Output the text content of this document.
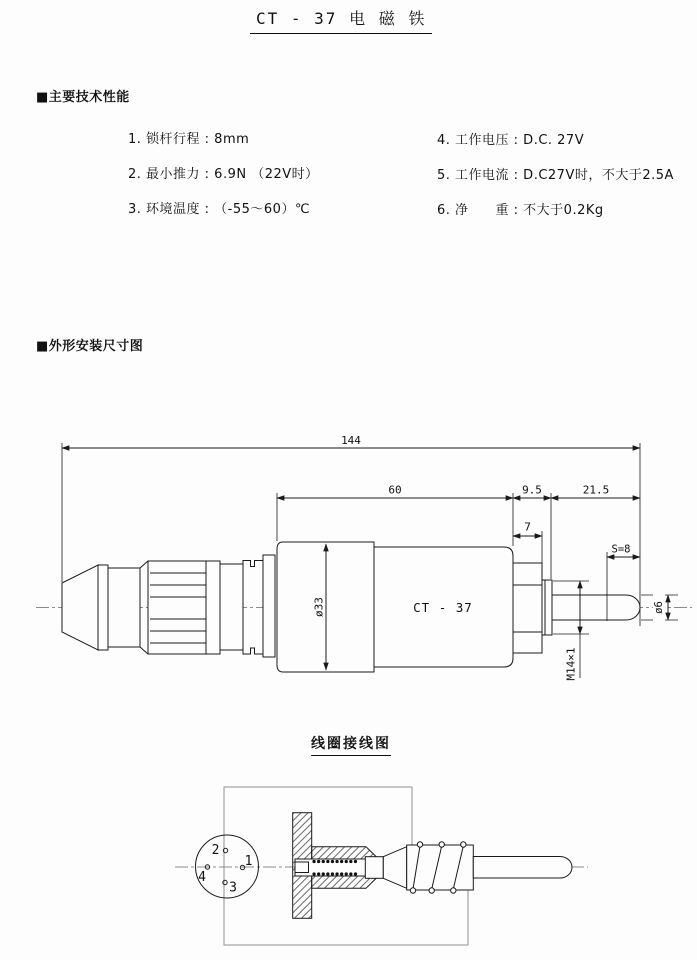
144
60	9.5	21.5
7
S=8
ø33	ø6
M14×1
CT - 37
2
1
4
3
CT - 37 电 磁 铁
■主要技术性能
1. 锁杆行程 : 8mm
2. 最小推力 : 6.9N （22V时）
3. 环境温度 : （-55～60）℃
4. 工作电压 : D.C. 27V
5. 工作电流 : D.C27V时，不大于2.5A
6. 净　　重 : 不大于0.2Kg
■外形安装尺寸图
线圈接线图
